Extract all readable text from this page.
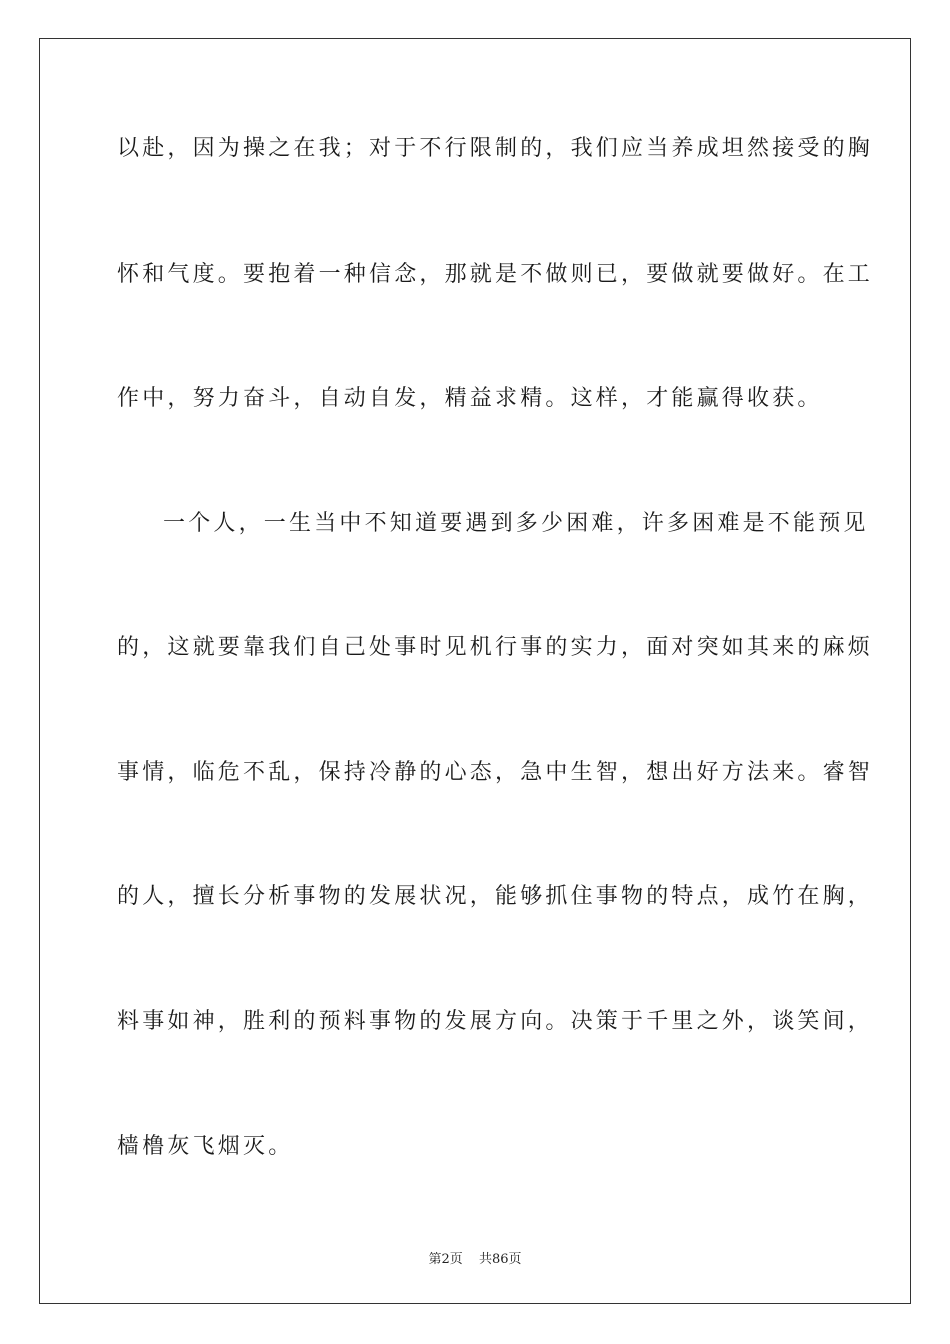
以赴，因为操之在我；对于不行限制的，我们应当养成坦然接受的胸
怀和气度。要抱着一种信念，那就是不做则已，要做就要做好。在工
作中，努力奋斗，自动自发，精益求精。这样，才能赢得收获。
一个人，一生当中不知道要遇到多少困难，许多困难是不能预见
的，这就要靠我们自己处事时见机行事的实力，面对突如其来的麻烦
事情，临危不乱，保持冷静的心态，急中生智，想出好方法来。睿智
的人，擅长分析事物的发展状况，能够抓住事物的特点，成竹在胸，
料事如神，胜利的预料事物的发展方向。决策于千里之外，谈笑间，
樯橹灰飞烟灭。
第2页 共86页
